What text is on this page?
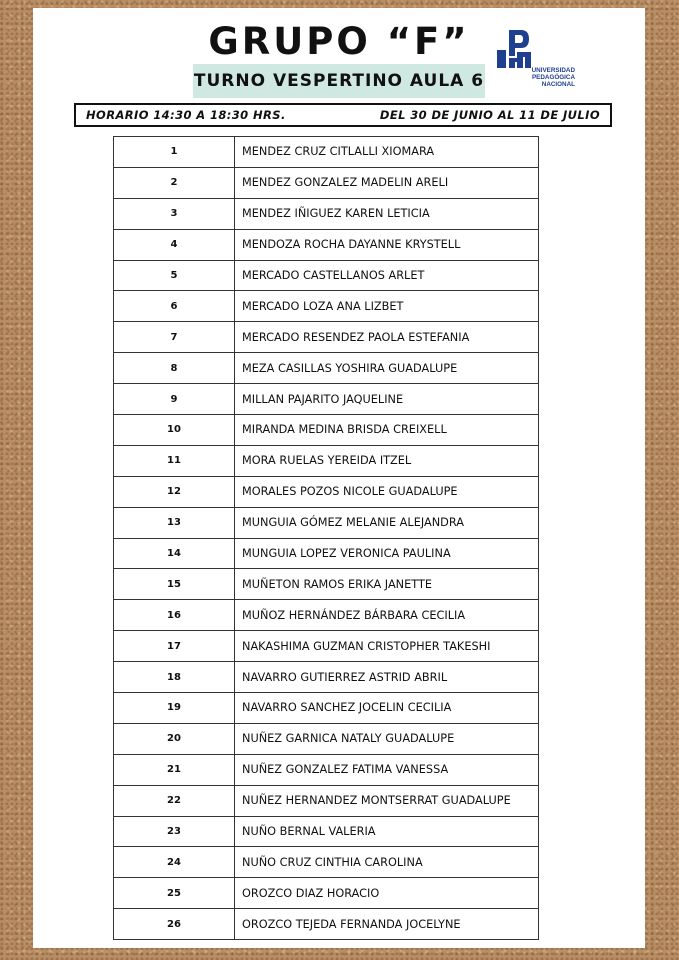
GRUPO “F”
TURNO VESPERTINO AULA 6
UNIVERSIDAD
PEDAGÓGICA
NACIONAL
HORARIO 14:30 A 18:30 HRS.	DEL 30 DE JUNIO AL 11 DE JULIO
1	MENDEZ CRUZ CITLALLI XIOMARA
2	MENDEZ GONZALEZ MADELIN ARELI
3	MENDEZ IÑIGUEZ KAREN LETICIA
4	MENDOZA ROCHA DAYANNE KRYSTELL
5	MERCADO CASTELLANOS ARLET
6	MERCADO LOZA ANA LIZBET
7	MERCADO RESENDEZ PAOLA ESTEFANIA
8	MEZA CASILLAS YOSHIRA GUADALUPE
9	MILLAN PAJARITO JAQUELINE
10	MIRANDA MEDINA BRISDA CREIXELL
11	MORA RUELAS YEREIDA ITZEL
12	MORALES POZOS NICOLE GUADALUPE
13	MUNGUIA GÓMEZ MELANIE ALEJANDRA
14	MUNGUIA LOPEZ VERONICA PAULINA
15	MUÑETON RAMOS ERIKA JANETTE
16	MUÑOZ HERNÁNDEZ BÁRBARA CECILIA
17	NAKASHIMA GUZMAN CRISTOPHER TAKESHI
18	NAVARRO GUTIERREZ ASTRID ABRIL
19	NAVARRO SANCHEZ JOCELIN CECILIA
20	NUÑEZ GARNICA NATALY GUADALUPE
21	NUÑEZ GONZALEZ FATIMA VANESSA
22	NUÑEZ HERNANDEZ MONTSERRAT GUADALUPE
23	NUÑO BERNAL VALERIA
24	NUÑO CRUZ CINTHIA CAROLINA
25	OROZCO DIAZ HORACIO
26	OROZCO TEJEDA FERNANDA JOCELYNE
